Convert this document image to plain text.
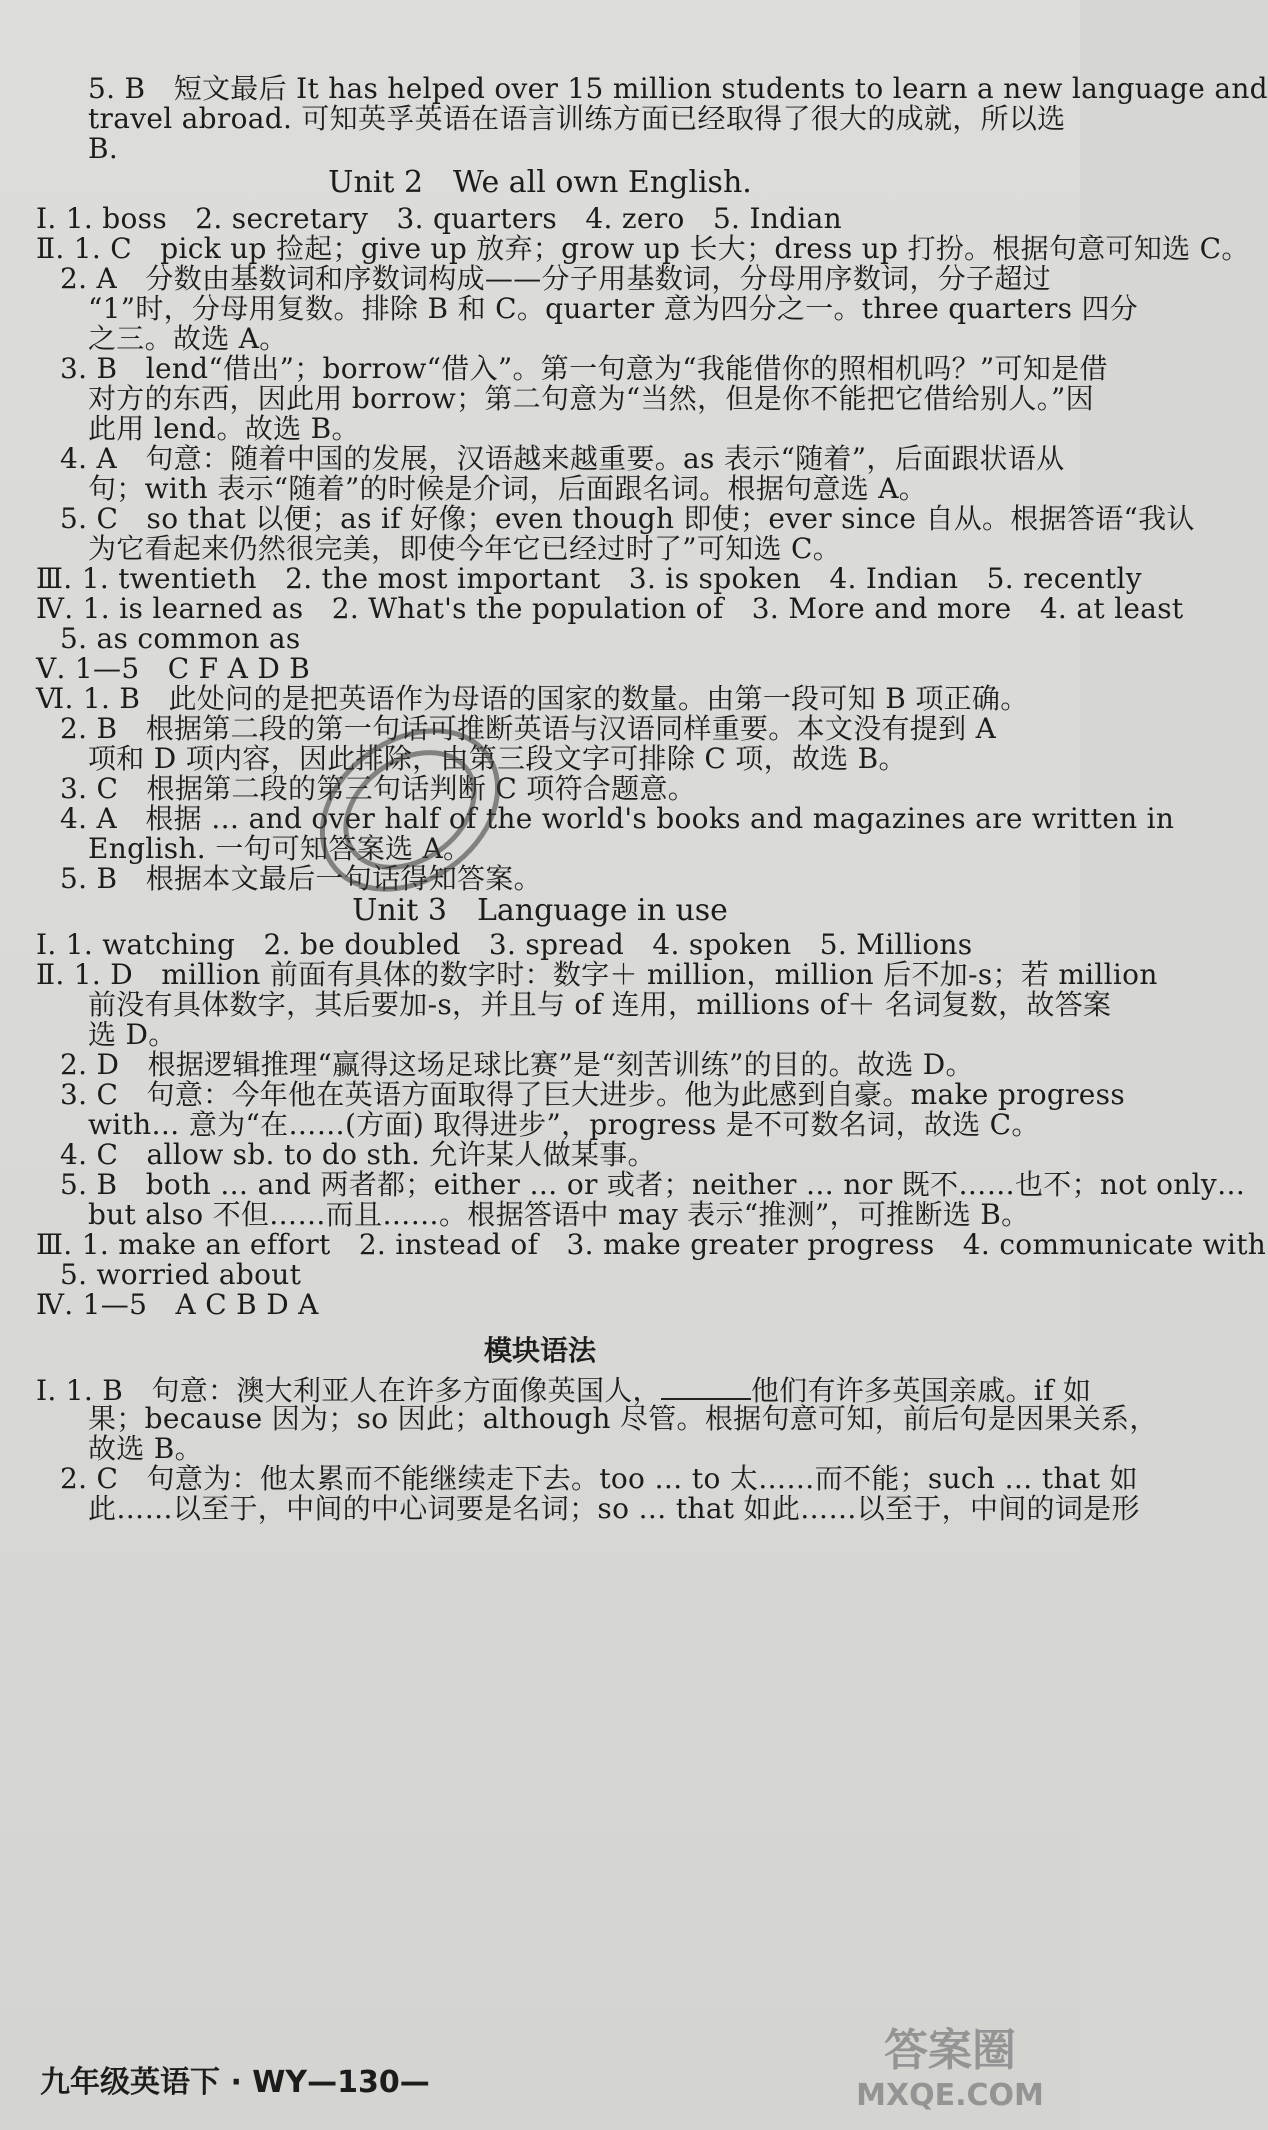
5. B　短文最后 It has helped over 15 million students to learn a new language and
travel abroad. 可知英孚英语在语言训练方面已经取得了很大的成就，所以选
B.
Unit 2　We all own English.
Ⅰ. 1. boss　2. secretary　3. quarters　4. zero　5. Indian
Ⅱ. 1. C　pick up 捡起；give up 放弃；grow up 长大；dress up 打扮。根据句意可知选 C。
2. A　分数由基数词和序数词构成——分子用基数词，分母用序数词，分子超过
“1”时，分母用复数。排除 B 和 C。quarter 意为四分之一。three quarters 四分
之三。故选 A。
3. B　lend“借出”；borrow“借入”。第一句意为“我能借你的照相机吗？”可知是借
对方的东西，因此用 borrow；第二句意为“当然，但是你不能把它借给别人。”因
此用 lend。故选 B。
4. A　句意：随着中国的发展，汉语越来越重要。as 表示“随着”，后面跟状语从
句；with 表示“随着”的时候是介词，后面跟名词。根据句意选 A。
5. C　so that 以便；as if 好像；even though 即使；ever since 自从。根据答语“我认
为它看起来仍然很完美，即使今年它已经过时了”可知选 C。
Ⅲ. 1. twentieth　2. the most important　3. is spoken　4. Indian　5. recently
Ⅳ. 1. is learned as　2. What's the population of　3. More and more　4. at least
5. as common as
Ⅴ. 1—5　C F A D B
Ⅵ. 1. B　此处问的是把英语作为母语的国家的数量。由第一段可知 B 项正确。
2. B　根据第二段的第一句话可推断英语与汉语同样重要。本文没有提到 A
项和 D 项内容，因此排除，由第三段文字可排除 C 项，故选 B。
3. C　根据第二段的第三句话判断 C 项符合题意。
4. A　根据 … and over half of the world's books and magazines are written in
English. 一句可知答案选 A。
5. B　根据本文最后一句话得知答案。
Unit 3　Language in use
Ⅰ. 1. watching　2. be doubled　3. spread　4. spoken　5. Millions
Ⅱ. 1. D　million 前面有具体的数字时：数字＋ million，million 后不加-s；若 million
前没有具体数字，其后要加-s，并且与 of 连用，millions of＋ 名词复数，故答案
选 D。
2. D　根据逻辑推理“赢得这场足球比赛”是“刻苦训练”的目的。故选 D。
3. C　句意：今年他在英语方面取得了巨大进步。他为此感到自豪。make progress
with… 意为“在……(方面) 取得进步”，progress 是不可数名词，故选 C。
4. C　allow sb. to do sth. 允许某人做某事。
5. B　both … and 两者都；either … or 或者；neither … nor 既不……也不；not only…
but also 不但……而且……。根据答语中 may 表示“推测”，可推断选 B。
Ⅲ. 1. make an effort　2. instead of　3. make greater progress　4. communicate with
5. worried about
Ⅳ. 1—5　A C B D A
模块语法
Ⅰ. 1. B　句意：澳大利亚人在许多方面像英国人，	他们有许多英国亲戚。if 如
果；because 因为；so 因此；although 尽管。根据句意可知，前后句是因果关系，
故选 B。
2. C　句意为：他太累而不能继续走下去。too … to 太……而不能；such … that 如
此……以至于，中间的中心词要是名词；so … that 如此……以至于，中间的词是形
九年级英语下 · WY—130—
答案圈
MXQE.COM
